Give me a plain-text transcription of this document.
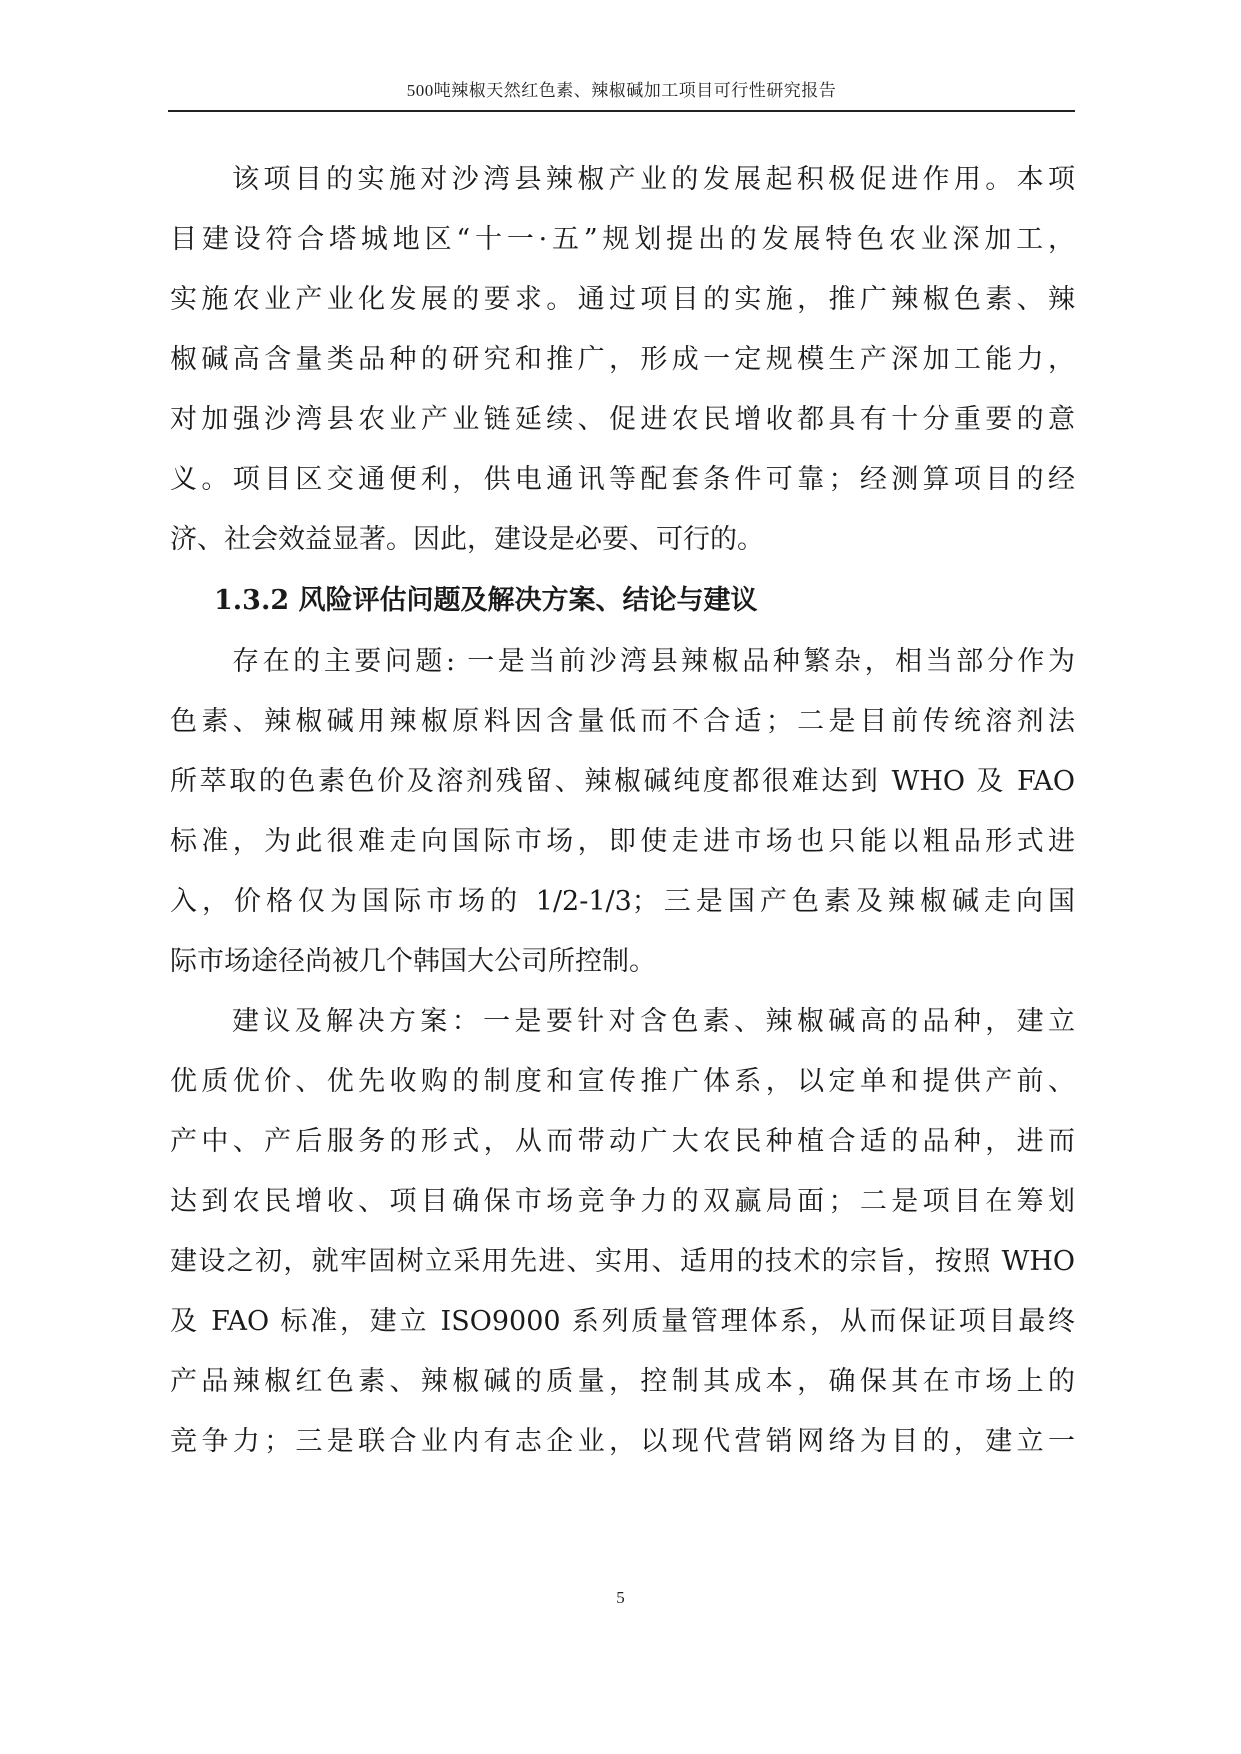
500吨辣椒天然红色素、辣椒碱加工项目可行性研究报告
该项目的实施对沙湾县辣椒产业的发展起积极促进作用。本项
目建设符合塔城地区“十一·五”规划提出的发展特色农业深加工，
实施农业产业化发展的要求。通过项目的实施，推广辣椒色素、辣
椒碱高含量类品种的研究和推广，形成一定规模生产深加工能力，
对加强沙湾县农业产业链延续、促进农民增收都具有十分重要的意
义。项目区交通便利，供电通讯等配套条件可靠；经测算项目的经
济、社会效益显著。因此，建设是必要、可行的。
1.3.2 风险评估问题及解决方案、结论与建议
存在的主要问题: 一是当前沙湾县辣椒品种繁杂，相当部分作为
色素、辣椒碱用辣椒原料因含量低而不合适；二是目前传统溶剂法
所萃取的色素色价及溶剂残留、辣椒碱纯度都很难达到 WHO 及 FAO
标准，为此很难走向国际市场，即使走进市场也只能以粗品形式进
入，价格仅为国际市场的 1/2-1/3；三是国产色素及辣椒碱走向国
际市场途径尚被几个韩国大公司所控制。
建议及解决方案：一是要针对含色素、辣椒碱高的品种，建立
优质优价、优先收购的制度和宣传推广体系，以定单和提供产前、
产中、产后服务的形式，从而带动广大农民种植合适的品种，进而
达到农民增收、项目确保市场竞争力的双赢局面；二是项目在筹划
建设之初，就牢固树立采用先进、实用、适用的技术的宗旨，按照 WHO
及 FAO 标准，建立 ISO9000 系列质量管理体系，从而保证项目最终
产品辣椒红色素、辣椒碱的质量，控制其成本，确保其在市场上的
竞争力；三是联合业内有志企业，以现代营销网络为目的，建立一
5
